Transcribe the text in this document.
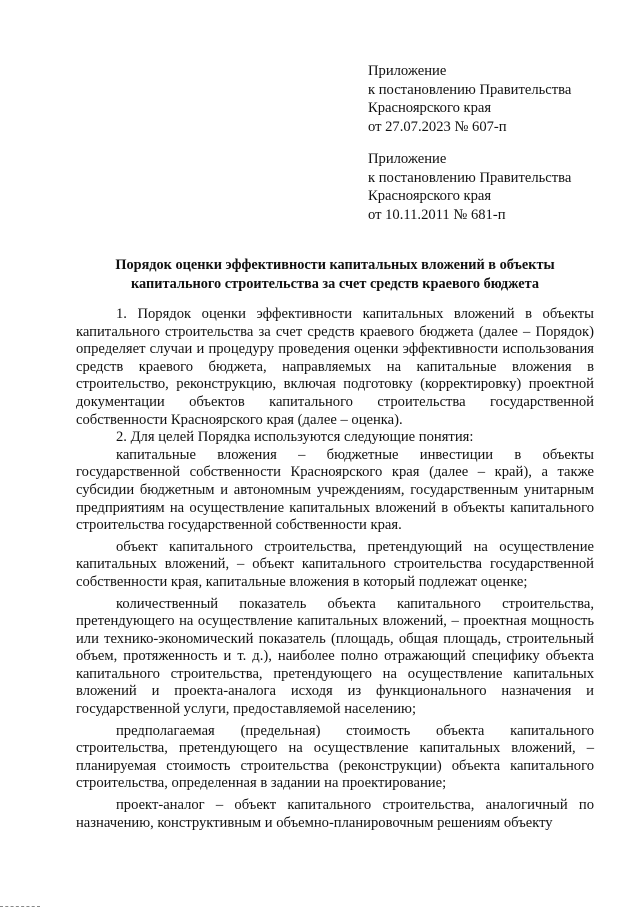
Приложение
к постановлению Правительства
Красноярского края
от 27.07.2023 № 607-п
Приложение
к постановлению Правительства
Красноярского края
от 10.11.2011 № 681-п
Порядок оценки эффективности капитальных вложений в объекты капитального строительства за счет средств краевого бюджета

1. Порядок оценки эффективности капитальных вложений в объекты капитального строительства за счет средств краевого бюджета (далее – Порядок) определяет случаи и процедуру проведения оценки эффективности использования средств краевого бюджета, направляемых на капитальные вложения в строительство, реконструкцию, включая подготовку (корректировку) проектной документации объектов капитального строительства государственной собственности Красноярского края (далее – оценка).

2. Для целей Порядка используются следующие понятия:

капитальные вложения – бюджетные инвестиции в объекты государственной собственности Красноярского края (далее – край), а также субсидии бюджетным и автономным учреждениям, государственным унитарным предприятиям на осуществление капитальных вложений в объекты капитального строительства государственной собственности края.

объект капитального строительства, претендующий на осуществление капитальных вложений, – объект капитального строительства государственной собственности края, капитальные вложения в который подлежат оценке;

количественный показатель объекта капитального строительства, претендующего на осуществление капитальных вложений, – проектная мощность или технико-экономический показатель (площадь, общая площадь, строительный объем, протяженность и т. д.), наиболее полно отражающий специфику объекта капитального строительства, претендующего на осуществление капитальных вложений и проекта-аналога исходя из функционального назначения и государственной услуги, предоставляемой населению;

предполагаемая (предельная) стоимость объекта капитального строительства, претендующего на осуществление капитальных вложений, – планируемая стоимость строительства (реконструкции) объекта капитального строительства, определенная в задании на проектирование;

проект-аналог – объект капитального строительства, аналогичный по назначению, конструктивным и объемно-планировочным решениям объекту
